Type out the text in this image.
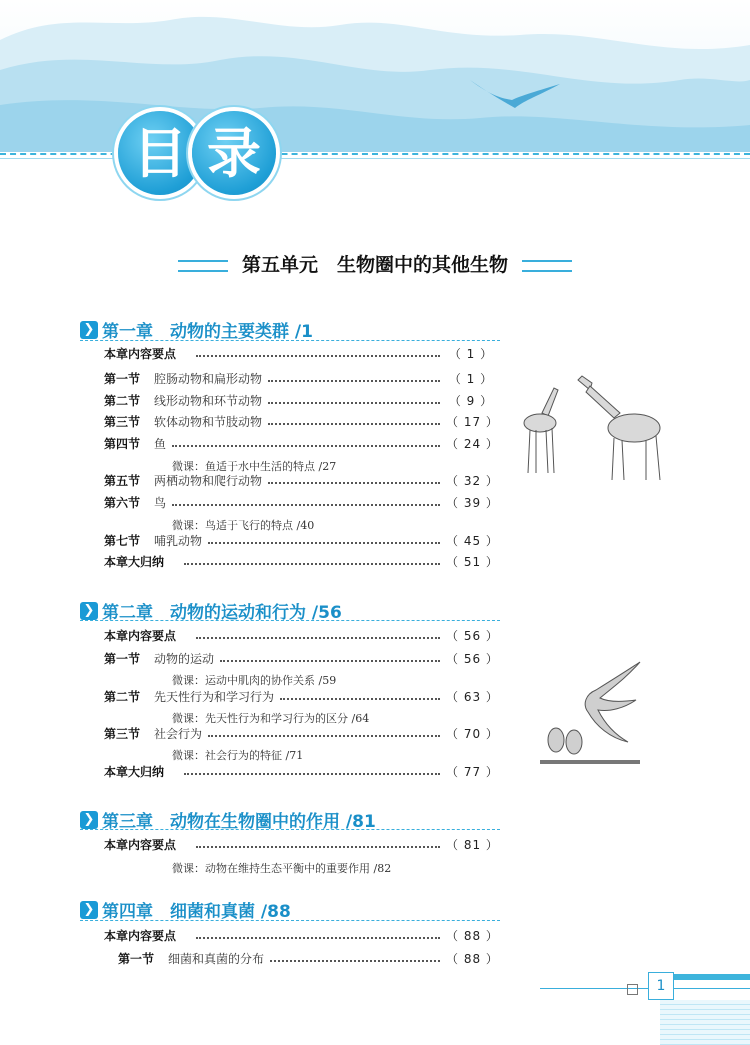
目 录
第五单元　生物圈中的其他生物
❯ 第一章　动物的主要类群 /1
本章内容要点	（ 1 ）
第一节 腔肠动物和扁形动物	（ 1 ）
第二节 线形动物和环节动物	（ 9 ）
第三节 软体动物和节肢动物	（ 17 ）
第四节 鱼	（ 24 ）
微课：鱼适于水中生活的特点 /27
第五节 两栖动物和爬行动物	（ 32 ）
第六节 鸟	（ 39 ）
微课：鸟适于飞行的特点 /40
第七节 哺乳动物	（ 45 ）
本章大归纳	（ 51 ）
❯ 第二章　动物的运动和行为 /56
本章内容要点	（ 56 ）
第一节 动物的运动	（ 56 ）
微课：运动中肌肉的协作关系 /59
第二节 先天性行为和学习行为	（ 63 ）
微课：先天性行为和学习行为的区分 /64
第三节 社会行为	（ 70 ）
微课：社会行为的特征 /71
本章大归纳	（ 77 ）
❯ 第三章　动物在生物圈中的作用 /81
本章内容要点	（ 81 ）
微课：动物在维持生态平衡中的重要作用 /82
❯ 第四章　细菌和真菌 /88
本章内容要点	（ 88 ）
第一节 细菌和真菌的分布	（ 88 ）
1
